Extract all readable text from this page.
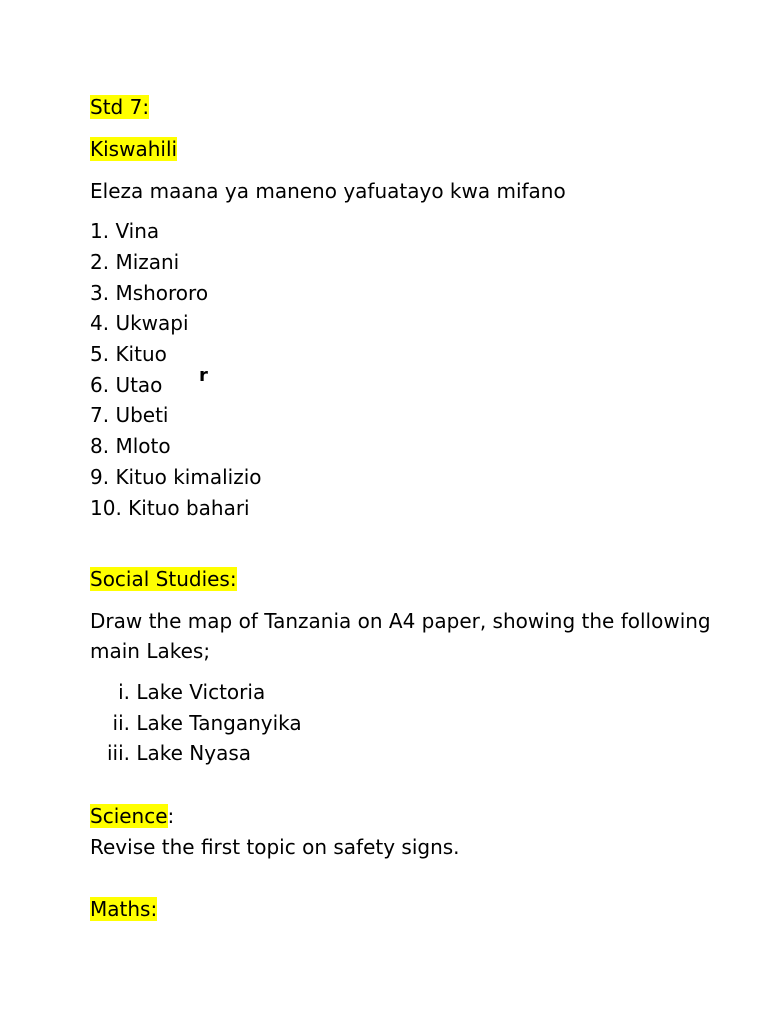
Std 7:
Kiswahili
Eleza maana ya maneno yafuatayo kwa mifano
1. Vina
2. Mizani
3. Mshororo
4. Ukwapi
5. Kituo
6. Utao r
7. Ubeti
8. Mloto
9. Kituo kimalizio
10. Kituo bahari
Social Studies:
Draw the map of Tanzania on A4 paper, showing the following
main Lakes;
i. Lake Victoria
ii. Lake Tanganyika
iii. Lake Nyasa
Science:
Revise the first topic on safety signs.
Maths:
